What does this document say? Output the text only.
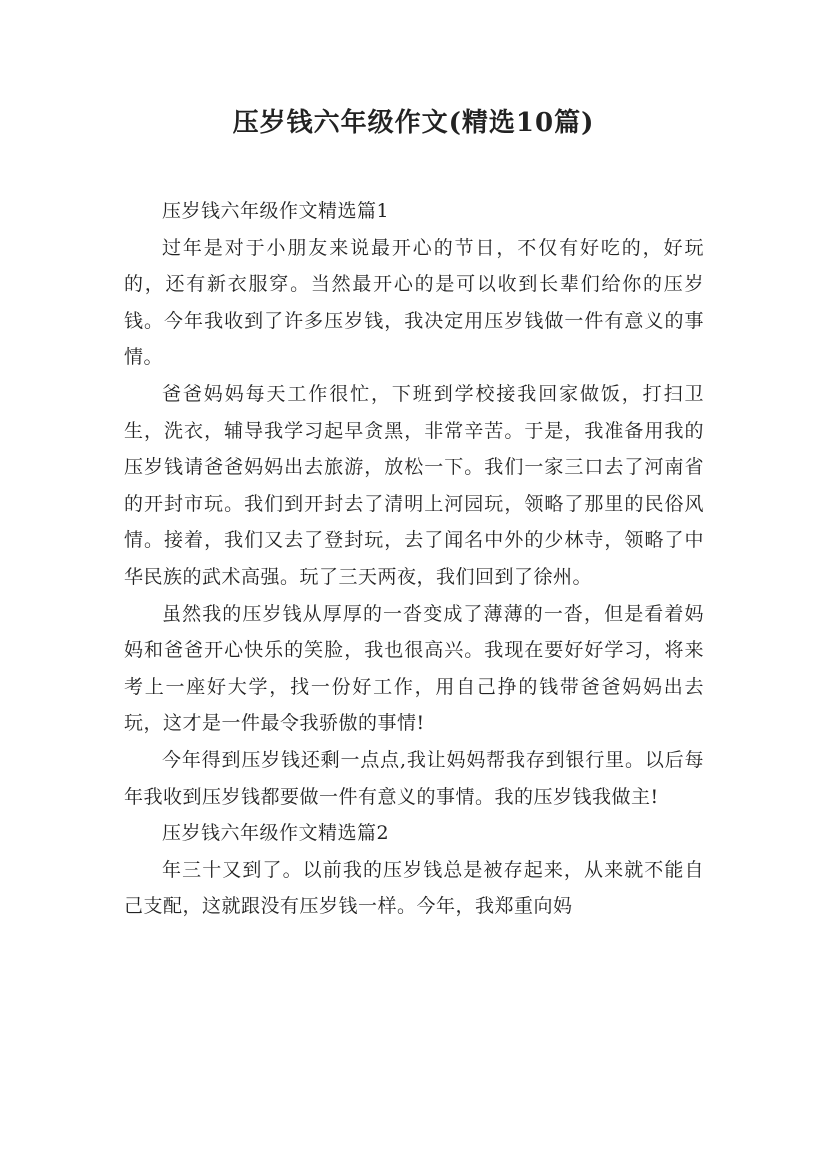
压岁钱六年级作文(精选10篇)

压岁钱六年级作文精选篇1

过年是对于小朋友来说最开心的节日，不仅有好吃的，好玩的，还有新衣服穿。当然最开心的是可以收到长辈们给你的压岁钱。今年我收到了许多压岁钱，我决定用压岁钱做一件有意义的事情。

爸爸妈妈每天工作很忙，下班到学校接我回家做饭，打扫卫生，洗衣，辅导我学习起早贪黑，非常辛苦。于是，我准备用我的压岁钱请爸爸妈妈出去旅游，放松一下。我们一家三口去了河南省的开封市玩。我们到开封去了清明上河园玩，领略了那里的民俗风情。接着，我们又去了登封玩，去了闻名中外的少林寺，领略了中华民族的武术高强。玩了三天两夜，我们回到了徐州。

虽然我的压岁钱从厚厚的一沓变成了薄薄的一沓，但是看着妈妈和爸爸开心快乐的笑脸，我也很高兴。我现在要好好学习，将来考上一座好大学，找一份好工作，用自己挣的钱带爸爸妈妈出去玩，这才是一件最令我骄傲的事情!

今年得到压岁钱还剩一点点,我让妈妈帮我存到银行里。以后每年我收到压岁钱都要做一件有意义的事情。我的压岁钱我做主!

压岁钱六年级作文精选篇2

年三十又到了。以前我的压岁钱总是被存起来，从来就不能自己支配，这就跟没有压岁钱一样。今年，我郑重向妈
